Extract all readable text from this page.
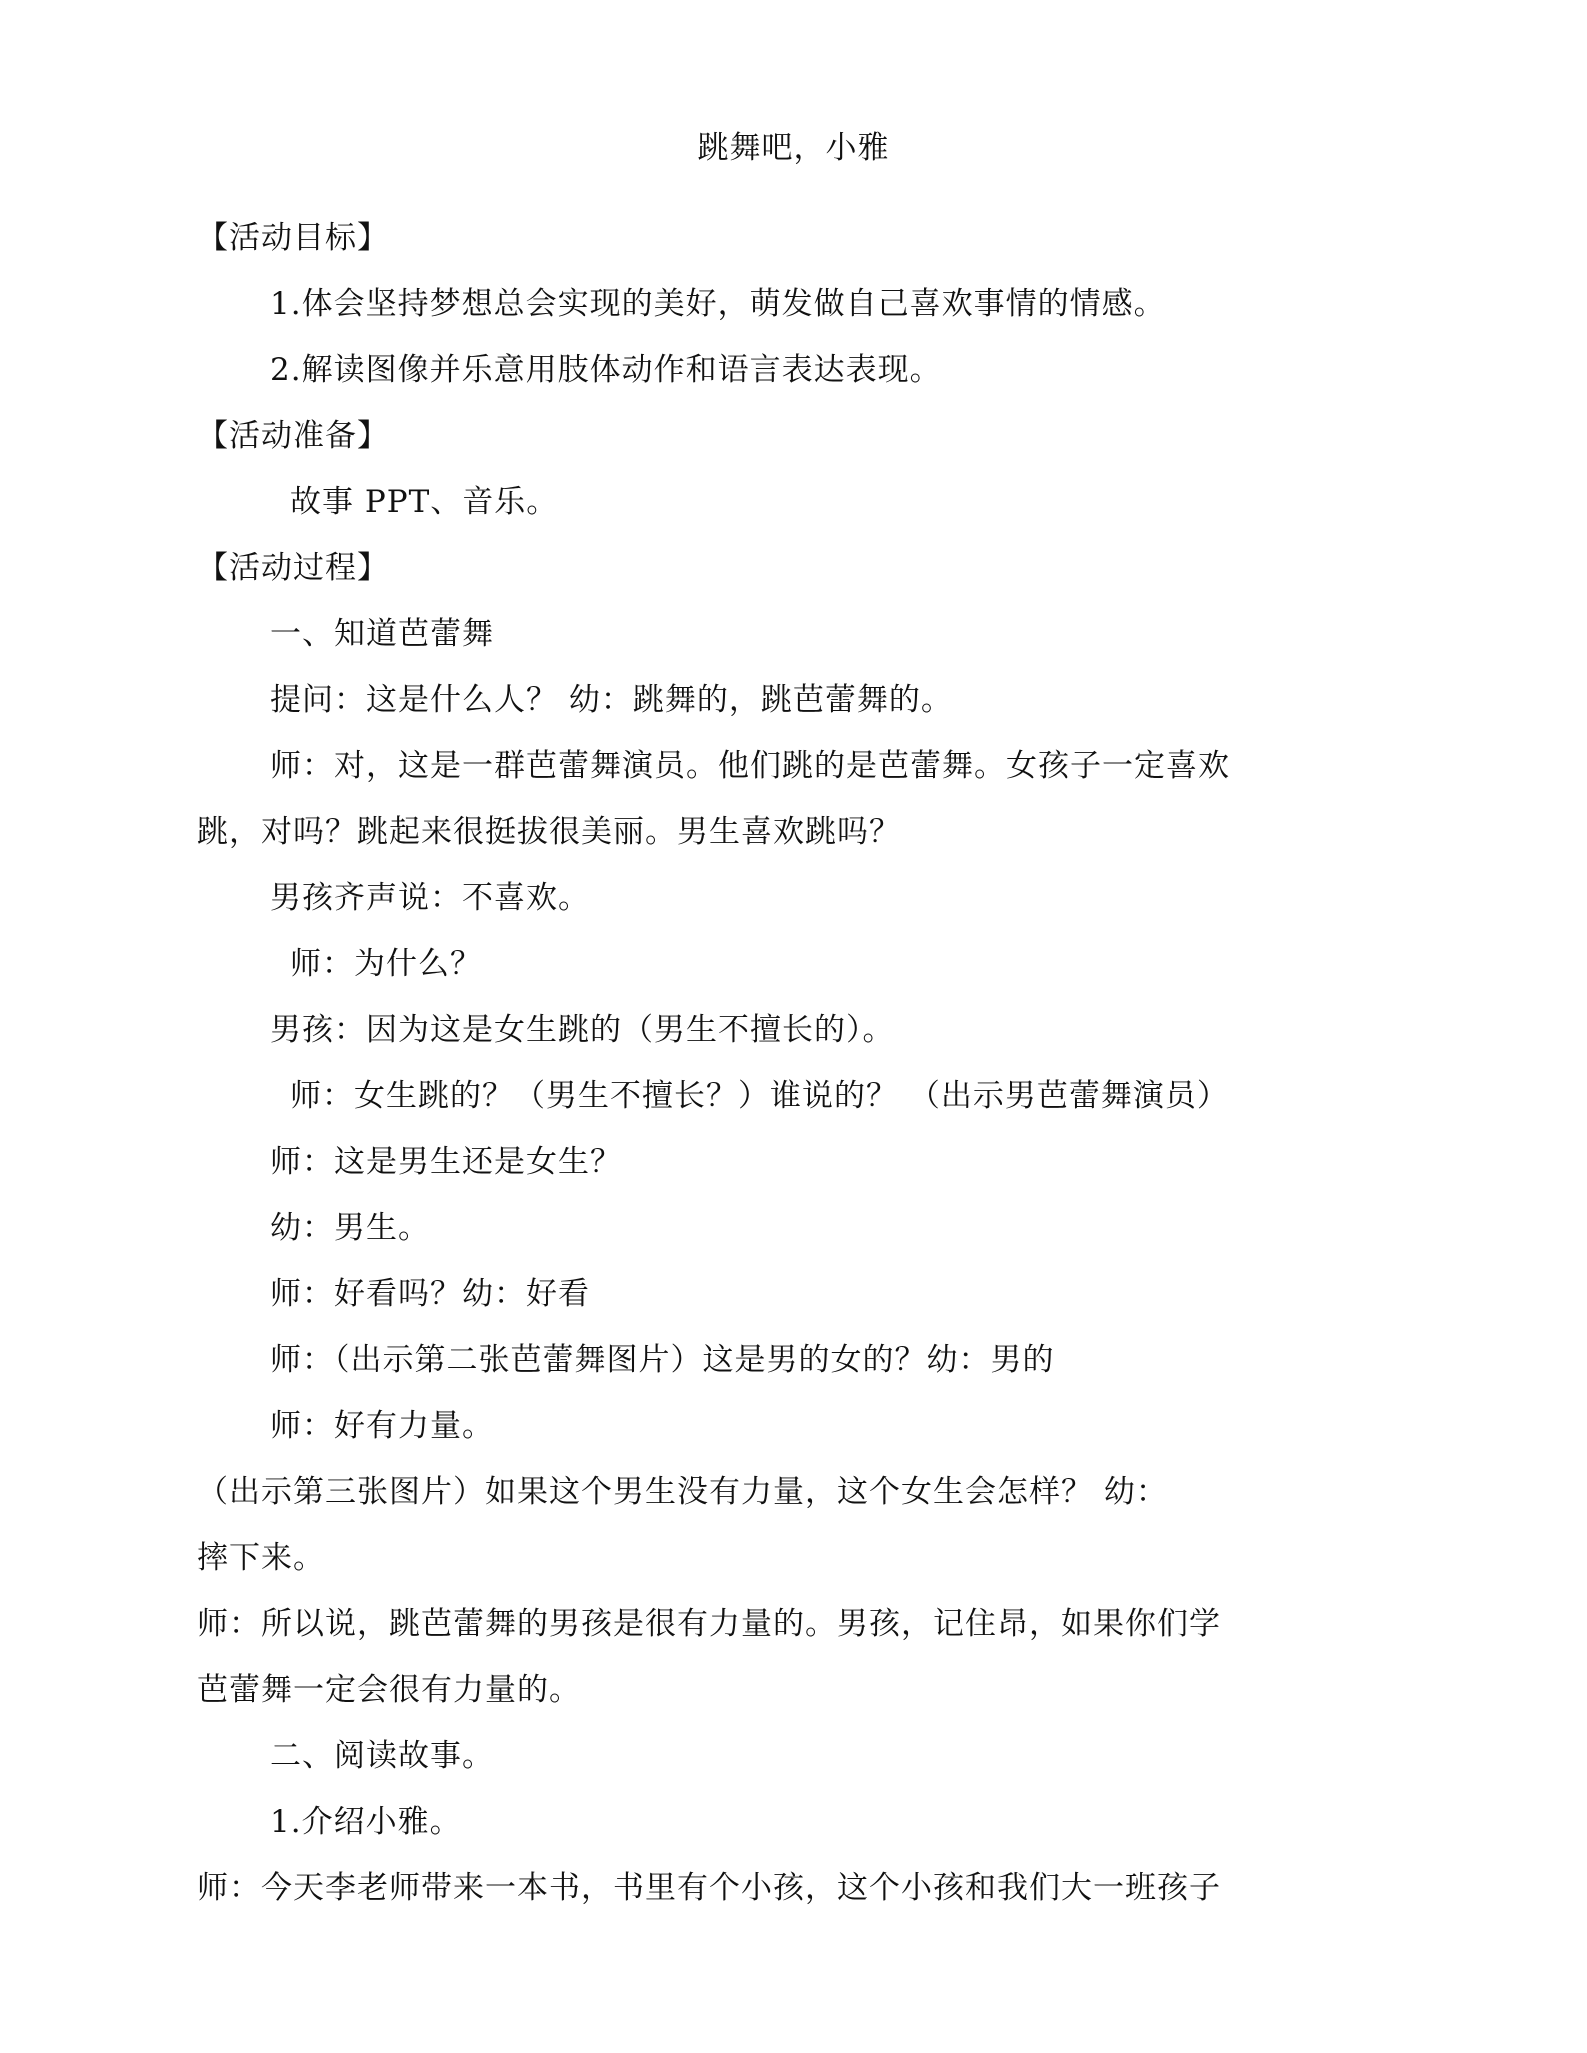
跳舞吧，小雅
【活动目标】
1.体会坚持梦想总会实现的美好，萌发做自己喜欢事情的情感。
2.解读图像并乐意用肢体动作和语言表达表现。
【活动准备】
故事 PPT、音乐。
【活动过程】
一、知道芭蕾舞
提问：这是什么人？ 幼：跳舞的，跳芭蕾舞的。
师：对，这是一群芭蕾舞演员。他们跳的是芭蕾舞。女孩子一定喜欢
跳，对吗？跳起来很挺拔很美丽。男生喜欢跳吗？
男孩齐声说：不喜欢。
师：为什么？
男孩：因为这是女生跳的（男生不擅长的）。
师：女生跳的？（男生不擅长？）谁说的？ （出示男芭蕾舞演员）
师：这是男生还是女生？
幼：男生。
师：好看吗？幼：好看
师：（出示第二张芭蕾舞图片）这是男的女的？幼：男的
师：好有力量。
（出示第三张图片）如果这个男生没有力量，这个女生会怎样？ 幼：
摔下来。
师：所以说，跳芭蕾舞的男孩是很有力量的。男孩，记住昂，如果你们学
芭蕾舞一定会很有力量的。
二、阅读故事。
1.介绍小雅。
师：今天李老师带来一本书，书里有个小孩，这个小孩和我们大一班孩子
